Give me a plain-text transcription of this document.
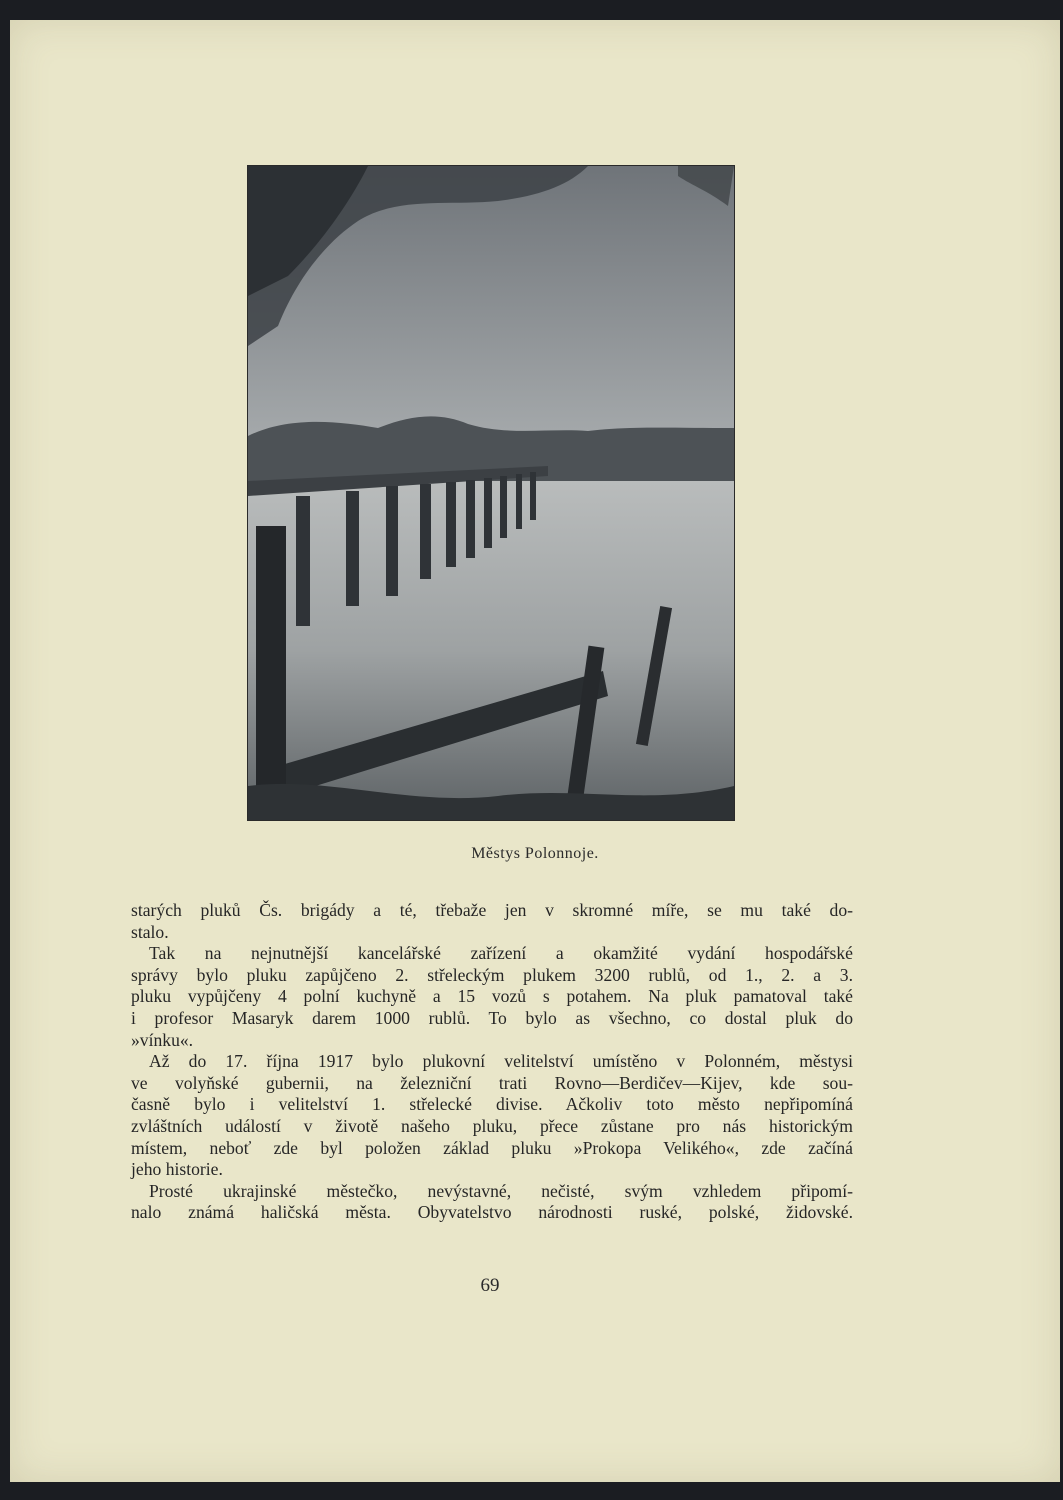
Městys Polonnoje.

starých pluků Čs. brigády a té, třebaže jen v skromné míře, se mu také do-
stalo.

Tak na nejnutnější kancelářské zařízení a okamžité vydání hospodářské
správy bylo pluku zapůjčeno 2. střeleckým plukem 3200 rublů, od 1., 2. a 3.
pluku vypůjčeny 4 polní kuchyně a 15 vozů s potahem. Na pluk pamatoval také
i profesor Masaryk darem 1000 rublů. To bylo as všechno, co dostal pluk do
»vínku«.

Až do 17. října 1917 bylo plukovní velitelství umístěno v Polonném, městysi
ve volyňské gubernii, na železniční trati Rovno—Berdičev—Kijev, kde sou-
časně bylo i velitelství 1. střelecké divise. Ačkoliv toto město nepřipomíná
zvláštních událostí v životě našeho pluku, přece zůstane pro nás historickým
místem, neboť zde byl položen základ pluku »Prokopa Velikého«, zde začíná
jeho historie.

Prosté ukrajinské městečko, nevýstavné, nečisté, svým vzhledem připomí-
nalo známá haličská města. Obyvatelstvo národnosti ruské, polské, židovské.

69
